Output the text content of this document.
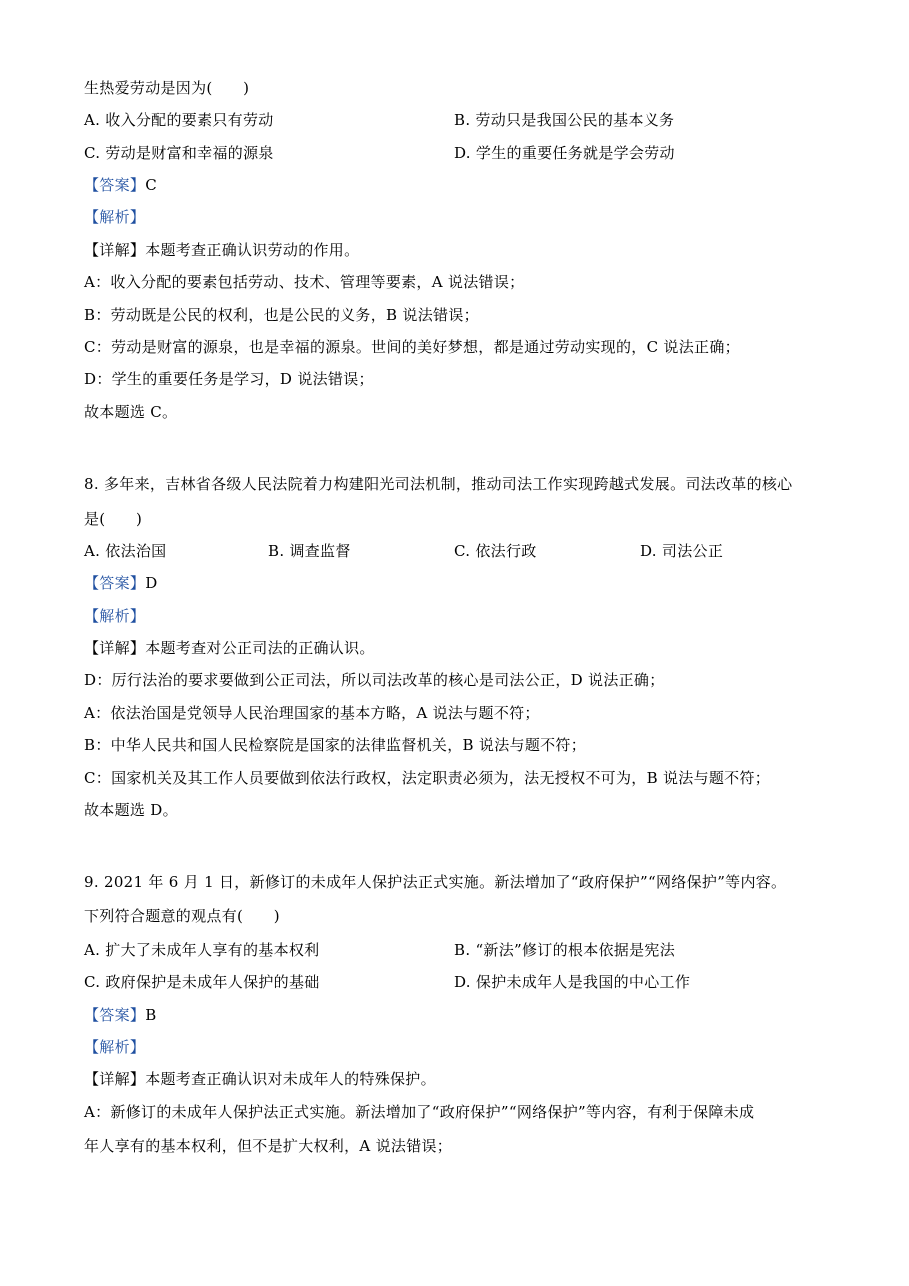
生热爱劳动是因为(　　)
A. 收入分配的要素只有劳动	B. 劳动只是我国公民的基本义务
C. 劳动是财富和幸福的源泉	D. 学生的重要任务就是学会劳动
【答案】C
【解析】
【详解】本题考查正确认识劳动的作用。
A：收入分配的要素包括劳动、技术、管理等要素，A 说法错误；
B：劳动既是公民的权利，也是公民的义务，B 说法错误；
C：劳动是财富的源泉，也是幸福的源泉。世间的美好梦想，都是通过劳动实现的，C 说法正确；
D：学生的重要任务是学习，D 说法错误；
故本题选 C。
8. 多年来，吉林省各级人民法院着力构建阳光司法机制，推动司法工作实现跨越式发展。司法改革的核心
是(　　)
A. 依法治国	B. 调查监督	C. 依法行政	D. 司法公正
【答案】D
【解析】
【详解】本题考查对公正司法的正确认识。
D：厉行法治的要求要做到公正司法，所以司法改革的核心是司法公正，D 说法正确；
A：依法治国是党领导人民治理国家的基本方略，A 说法与题不符；
B：中华人民共和国人民检察院是国家的法律监督机关，B 说法与题不符；
C：国家机关及其工作人员要做到依法行政权，法定职责必须为，法无授权不可为，B 说法与题不符；
故本题选 D。
9. 2021 年 6 月 1 日，新修订的未成年人保护法正式实施。新法增加了“政府保护”“网络保护”等内容。
下列符合题意的观点有(　　)
A. 扩大了未成年人享有的基本权利	B. “新法”修订的根本依据是宪法
C. 政府保护是未成年人保护的基础	D. 保护未成年人是我国的中心工作
【答案】B
【解析】
【详解】本题考查正确认识对未成年人的特殊保护。
A：新修订的未成年人保护法正式实施。新法增加了“政府保护”“网络保护”等内容，有利于保障未成
年人享有的基本权利，但不是扩大权利，A 说法错误；
